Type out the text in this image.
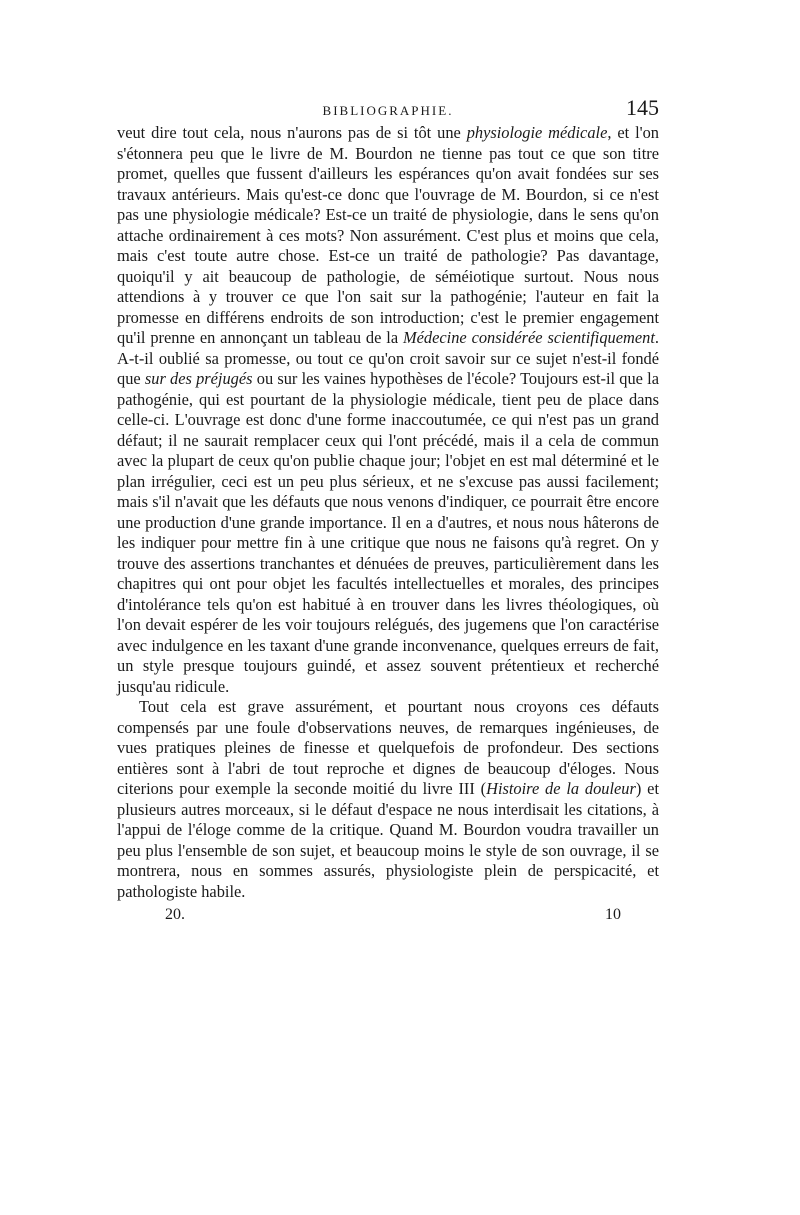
BIBLIOGRAPHIE.	145

veut dire tout cela, nous n'aurons pas de si tôt une physiologie médicale, et l'on s'étonnera peu que le livre de M. Bourdon ne tienne pas tout ce que son titre promet, quelles que fussent d'ailleurs les espérances qu'on avait fondées sur ses travaux antérieurs. Mais qu'est-ce donc que l'ouvrage de M. Bourdon, si ce n'est pas une physiologie médicale? Est-ce un traité de physiologie, dans le sens qu'on attache ordinairement à ces mots? Non assurément. C'est plus et moins que cela, mais c'est toute autre chose. Est-ce un traité de pathologie? Pas davantage, quoiqu'il y ait beaucoup de pathologie, de séméiotique surtout. Nous nous attendions à y trouver ce que l'on sait sur la pathogénie; l'auteur en fait la promesse en différens endroits de son introduction; c'est le premier engagement qu'il prenne en annonçant un tableau de la Médecine considérée scientifiquement. A-t-il oublié sa promesse, ou tout ce qu'on croit savoir sur ce sujet n'est-il fondé que sur des préjugés ou sur les vaines hypothèses de l'école? Toujours est-il que la pathogénie, qui est pourtant de la physiologie médicale, tient peu de place dans celle-ci. L'ouvrage est donc d'une forme inaccoutumée, ce qui n'est pas un grand défaut; il ne saurait remplacer ceux qui l'ont précédé, mais il a cela de commun avec la plupart de ceux qu'on publie chaque jour; l'objet en est mal déterminé et le plan irrégulier, ceci est un peu plus sérieux, et ne s'excuse pas aussi facilement; mais s'il n'avait que les défauts que nous venons d'indiquer, ce pourrait être encore une production d'une grande importance. Il en a d'autres, et nous nous hâterons de les indiquer pour mettre fin à une critique que nous ne faisons qu'à regret. On y trouve des assertions tranchantes et dénuées de preuves, particulièrement dans les chapitres qui ont pour objet les facultés intellectuelles et morales, des principes d'intolérance tels qu'on est habitué à en trouver dans les livres théologiques, où l'on devait espérer de les voir toujours relégués, des jugemens que l'on caractérise avec indulgence en les taxant d'une grande inconvenance, quelques erreurs de fait, un style presque toujours guindé, et assez souvent prétentieux et recherché jusqu'au ridicule.

Tout cela est grave assurément, et pourtant nous croyons ces défauts compensés par une foule d'observations neuves, de remarques ingénieuses, de vues pratiques pleines de finesse et quelquefois de profondeur. Des sections entières sont à l'abri de tout reproche et dignes de beaucoup d'éloges. Nous citerions pour exemple la seconde moitié du livre III (Histoire de la douleur) et plusieurs autres morceaux, si le défaut d'espace ne nous interdisait les citations, à l'appui de l'éloge comme de la critique. Quand M. Bourdon voudra travailler un peu plus l'ensemble de son sujet, et beaucoup moins le style de son ouvrage, il se montrera, nous en sommes assurés, physiologiste plein de perspicacité, et pathologiste habile.

20.	10
